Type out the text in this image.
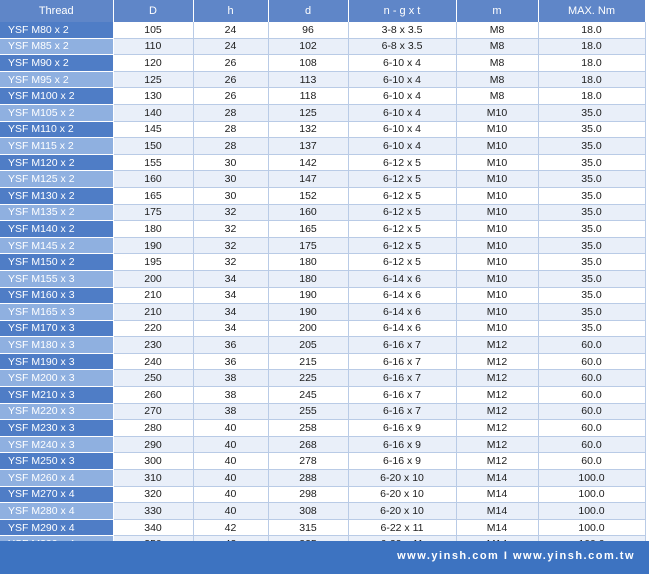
Thread	D	h	d	n - g x t	m	MAX. Nm
YSF M80 x 2	105	24	96	3-8 x 3.5	M8	18.0
YSF M85 x 2	110	24	102	6-8 x 3.5	M8	18.0
YSF M90 x 2	120	26	108	6-10 x 4	M8	18.0
YSF M95 x 2	125	26	113	6-10 x 4	M8	18.0
YSF M100 x 2	130	26	118	6-10 x 4	M8	18.0
YSF M105 x 2	140	28	125	6-10 x 4	M10	35.0
YSF M110 x 2	145	28	132	6-10 x 4	M10	35.0
YSF M115 x 2	150	28	137	6-10 x 4	M10	35.0
YSF M120 x 2	155	30	142	6-12 x 5	M10	35.0
YSF M125 x 2	160	30	147	6-12 x 5	M10	35.0
YSF M130 x 2	165	30	152	6-12 x 5	M10	35.0
YSF M135 x 2	175	32	160	6-12 x 5	M10	35.0
YSF M140 x 2	180	32	165	6-12 x 5	M10	35.0
YSF M145 x 2	190	32	175	6-12 x 5	M10	35.0
YSF M150 x 2	195	32	180	6-12 x 5	M10	35.0
YSF M155 x 3	200	34	180	6-14 x 6	M10	35.0
YSF M160 x 3	210	34	190	6-14 x 6	M10	35.0
YSF M165 x 3	210	34	190	6-14 x 6	M10	35.0
YSF M170 x 3	220	34	200	6-14 x 6	M10	35.0
YSF M180 x 3	230	36	205	6-16 x 7	M12	60.0
YSF M190 x 3	240	36	215	6-16 x 7	M12	60.0
YSF M200 x 3	250	38	225	6-16 x 7	M12	60.0
YSF M210 x 3	260	38	245	6-16 x 7	M12	60.0
YSF M220 x 3	270	38	255	6-16 x 7	M12	60.0
YSF M230 x 3	280	40	258	6-16 x 9	M12	60.0
YSF M240 x 3	290	40	268	6-16 x 9	M12	60.0
YSF M250 x 3	300	40	278	6-16 x 9	M12	60.0
YSF M260 x 4	310	40	288	6-20 x 10	M14	100.0
YSF M270 x 4	320	40	298	6-20 x 10	M14	100.0
YSF M280 x 4	330	40	308	6-20 x 10	M14	100.0
YSF M290 x 4	340	42	315	6-22 x 11	M14	100.0

www.yinsh.com I www.yinsh.com.tw
